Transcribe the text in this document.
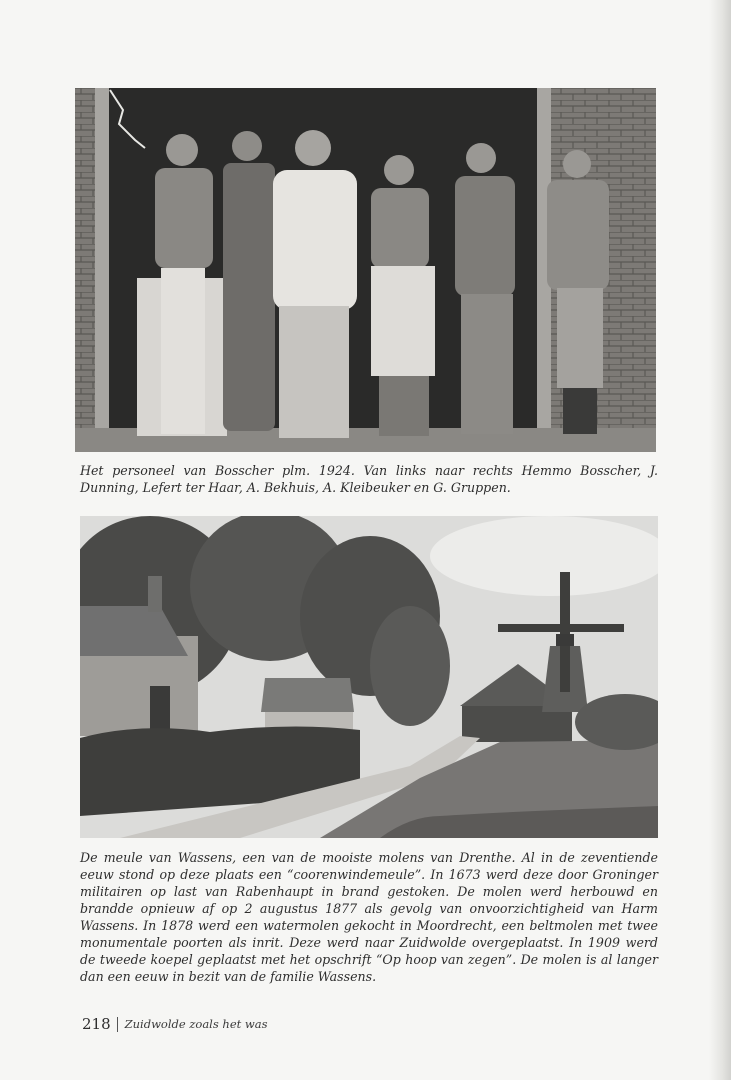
Het personeel van Bosscher plm. 1924. Van links naar rechts Hemmo Bosscher, J. Dunning, Lefert ter Haar, A. Bekhuis, A. Kleibeuker en G. Gruppen.

De meule van Wassens, een van de mooiste molens van Drenthe. Al in de zeventiende eeuw stond op deze plaats een “coorenwindemeule”. In 1673 werd deze door Groninger militairen op last van Rabenhaupt in brand gestoken. De molen werd herbouwd en brandde opnieuw af op 2 augustus 1877 als gevolg van onvoorzichtigheid van Harm Wassens. In 1878 werd een watermolen gekocht in Moordrecht, een beltmolen met twee monumentale poorten als inrit. Deze werd naar Zuidwolde overgeplaatst. In 1909 werd de tweede koepel geplaatst met het opschrift “Op hoop van zegen”. De molen is al langer dan een eeuw in bezit van de familie Wassens.

218 Zuidwolde zoals het was
